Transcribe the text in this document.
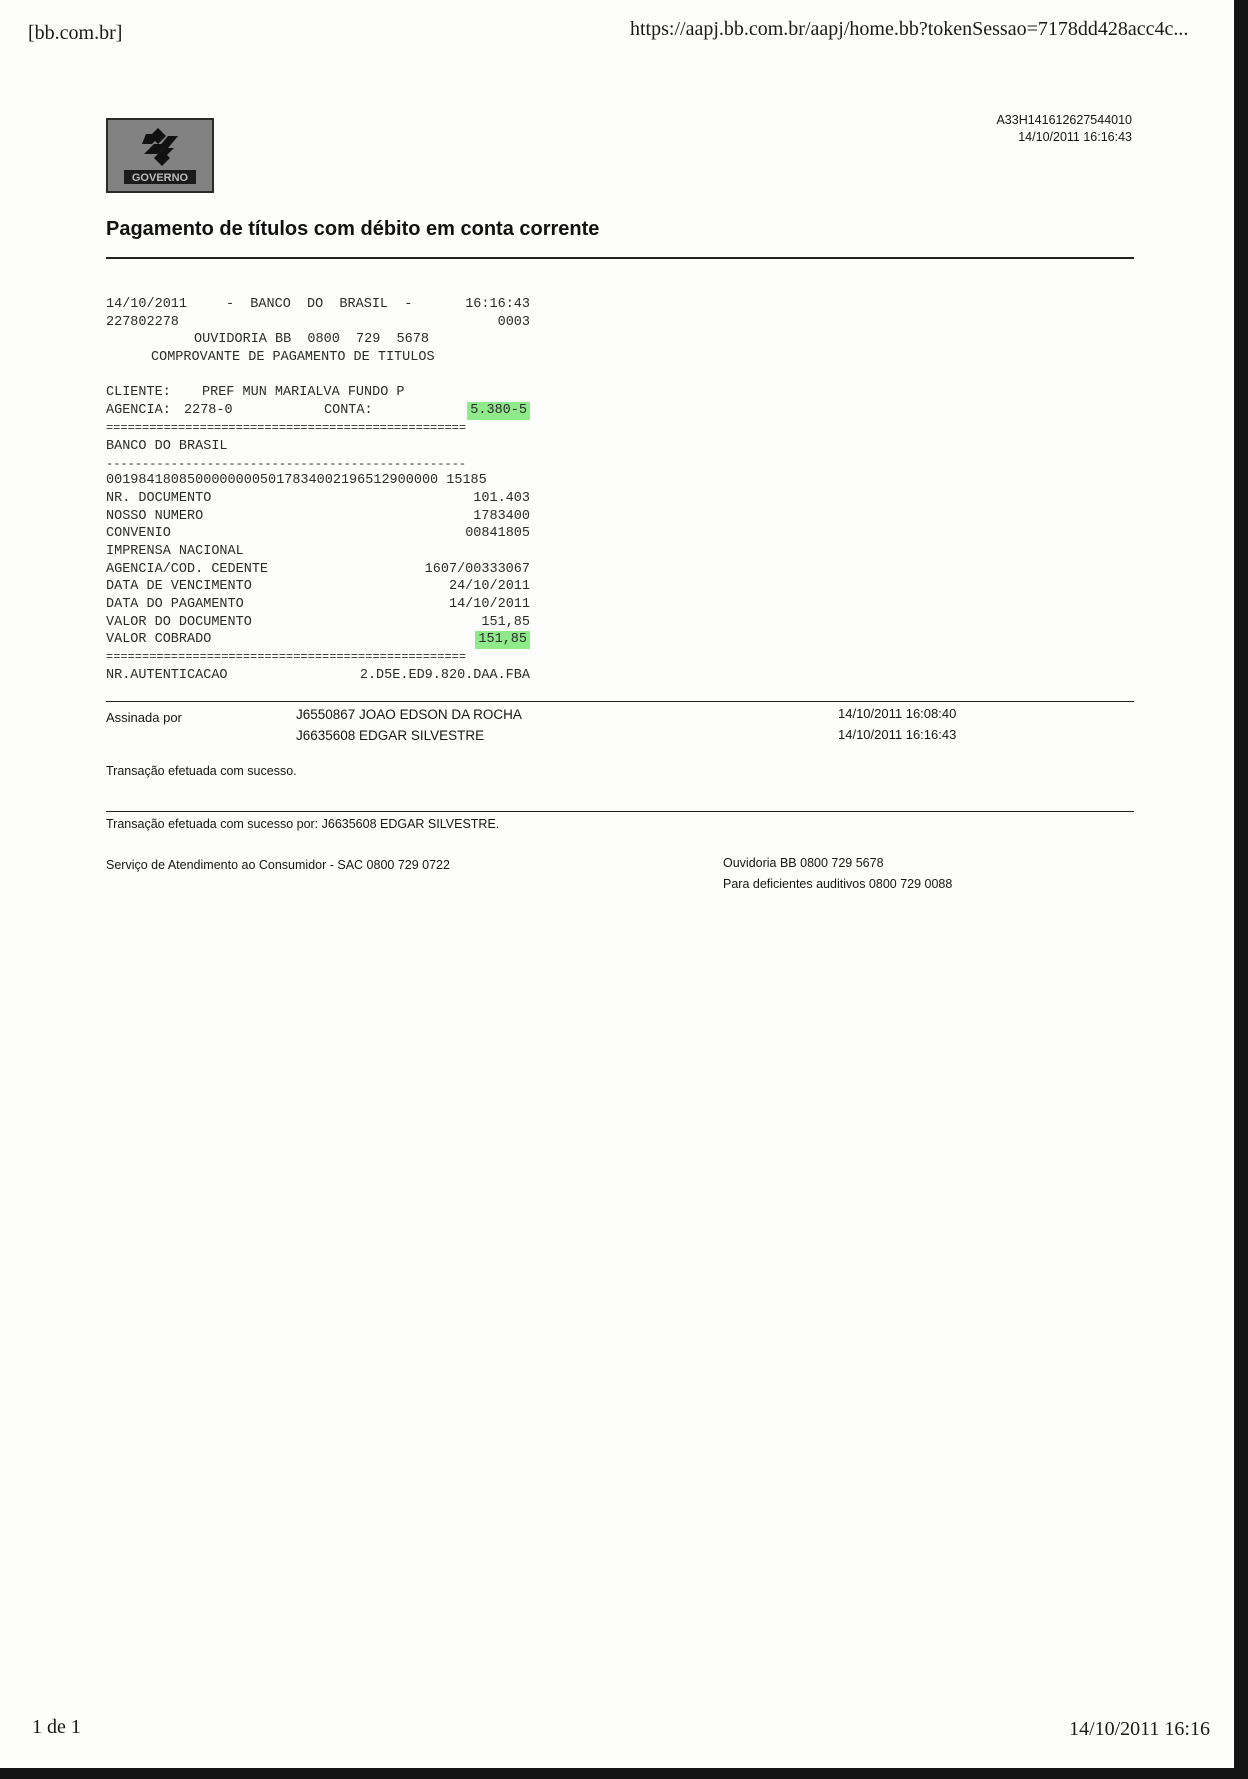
[bb.com.br]	https://aapj.bb.com.br/aapj/home.bb?tokenSessao=7178dd428acc4c...
GOVERNO
A33H141612627544010
14/10/2011 16:16:43
Pagamento de títulos com débito em conta corrente
14/10/2011	-  BANCO  DO  BRASIL  -	16:16:43
227802278	0003
OUVIDORIA BB  0800  729  5678
COMPROVANTE DE PAGAMENTO DE TITULOS
CLIENTE: PREF MUN MARIALVA FUNDO P
AGENCIA: 2278-0	CONTA:	5.380-5
==================================================
BANCO DO BRASIL
--------------------------------------------------
00198418085000000005017834002196512900000 15185
NR. DOCUMENTO	101.403
NOSSO NUMERO	1783400
CONVENIO	00841805
IMPRENSA NACIONAL
AGENCIA/COD. CEDENTE	1607/00333067
DATA DE VENCIMENTO	24/10/2011
DATA DO PAGAMENTO	14/10/2011
VALOR DO DOCUMENTO	151,85
VALOR COBRADO	151,85
==================================================
NR.AUTENTICACAO	2.D5E.ED9.820.DAA.FBA
Assinada por	J6550867 JOAO EDSON DA ROCHA	14/10/2011 16:08:40
J6635608 EDGAR SILVESTRE	14/10/2011 16:16:43
Transação efetuada com sucesso.
Transação efetuada com sucesso por: J6635608 EDGAR SILVESTRE.
Serviço de Atendimento ao Consumidor - SAC 0800 729 0722	Ouvidoria BB 0800 729 5678
Para deficientes auditivos 0800 729 0088
1 de 1	14/10/2011 16:16
